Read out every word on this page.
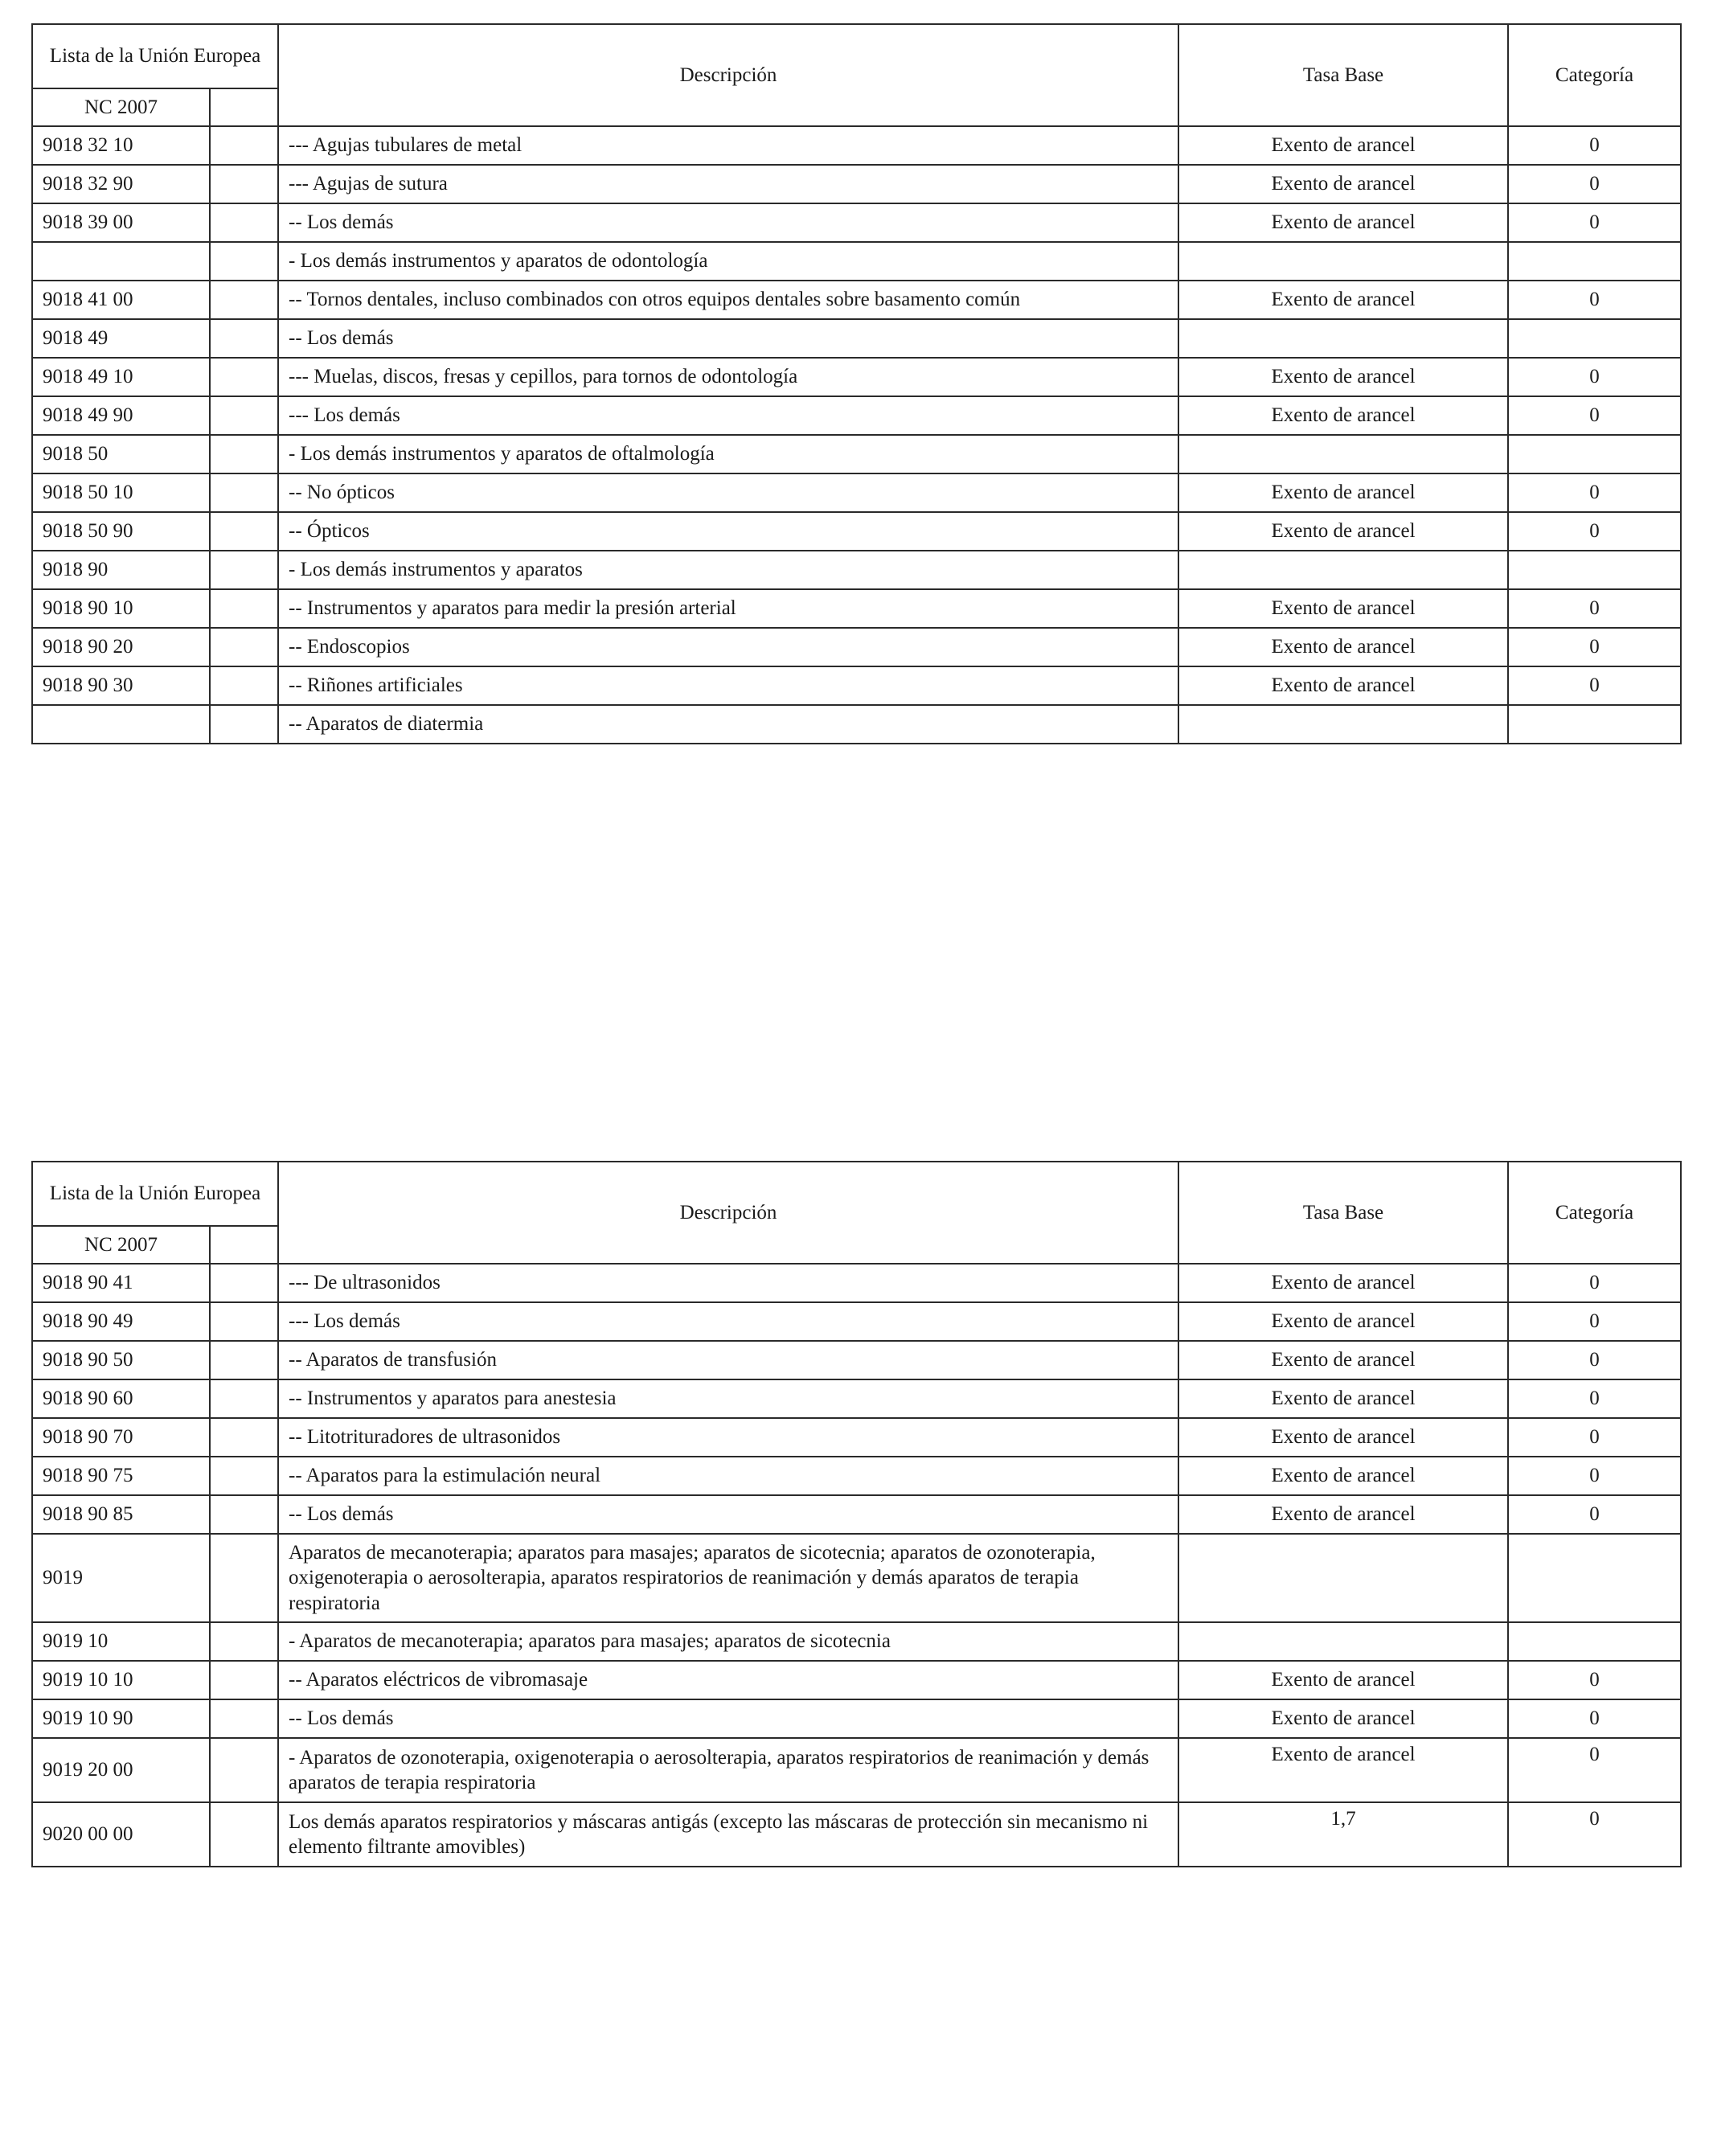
Lista de la Unión Europea		Descripción	Tasa Base	Categoría
NC 2007				
9018 32 10		--- Agujas tubulares de metal	Exento de arancel	0
9018 32 90		--- Agujas de sutura	Exento de arancel	0
9018 39 00		-- Los demás	Exento de arancel	0
		- Los demás instrumentos y aparatos de odontología		
9018 41 00		-- Tornos dentales, incluso combinados con otros equipos dentales sobre basamento común	Exento de arancel	0
9018 49		-- Los demás		
9018 49 10		--- Muelas, discos, fresas y cepillos, para tornos de odontología	Exento de arancel	0
9018 49 90		--- Los demás	Exento de arancel	0
9018 50		- Los demás instrumentos y aparatos de oftalmología		
9018 50 10		-- No ópticos	Exento de arancel	0
9018 50 90		-- Ópticos	Exento de arancel	0
9018 90		- Los demás instrumentos y aparatos		
9018 90 10		-- Instrumentos y aparatos para medir la presión arterial	Exento de arancel	0
9018 90 20		-- Endoscopios	Exento de arancel	0
9018 90 30		-- Riñones artificiales	Exento de arancel	0
		-- Aparatos de diatermia		
Lista de la Unión Europea		Descripción	Tasa Base	Categoría
NC 2007				
9018 90 41		--- De ultrasonidos	Exento de arancel	0
9018 90 49		--- Los demás	Exento de arancel	0
9018 90 50		-- Aparatos de transfusión	Exento de arancel	0
9018 90 60		-- Instrumentos y aparatos para anestesia	Exento de arancel	0
9018 90 70		-- Litotrituradores de ultrasonidos	Exento de arancel	0
9018 90 75		-- Aparatos para la estimulación neural	Exento de arancel	0
9018 90 85		-- Los demás	Exento de arancel	0
9019		Aparatos de mecanoterapia; aparatos para masajes; aparatos de sicotecnia; aparatos de ozonoterapia, oxigenoterapia o aerosolterapia, aparatos respiratorios de reanimación y demás aparatos de terapia respiratoria		
9019 10		- Aparatos de mecanoterapia; aparatos para masajes; aparatos de sicotecnia		
9019 10 10		-- Aparatos eléctricos de vibromasaje	Exento de arancel	0
9019 10 90		-- Los demás	Exento de arancel	0
9019 20 00		- Aparatos de ozonoterapia, oxigenoterapia o aerosolterapia, aparatos respiratorios de reanimación y demás aparatos de terapia respiratoria	Exento de arancel	0
9020 00 00		Los demás aparatos respiratorios y máscaras antigás (excepto las máscaras de protección sin mecanismo ni elemento filtrante amovibles)	1,7	0
